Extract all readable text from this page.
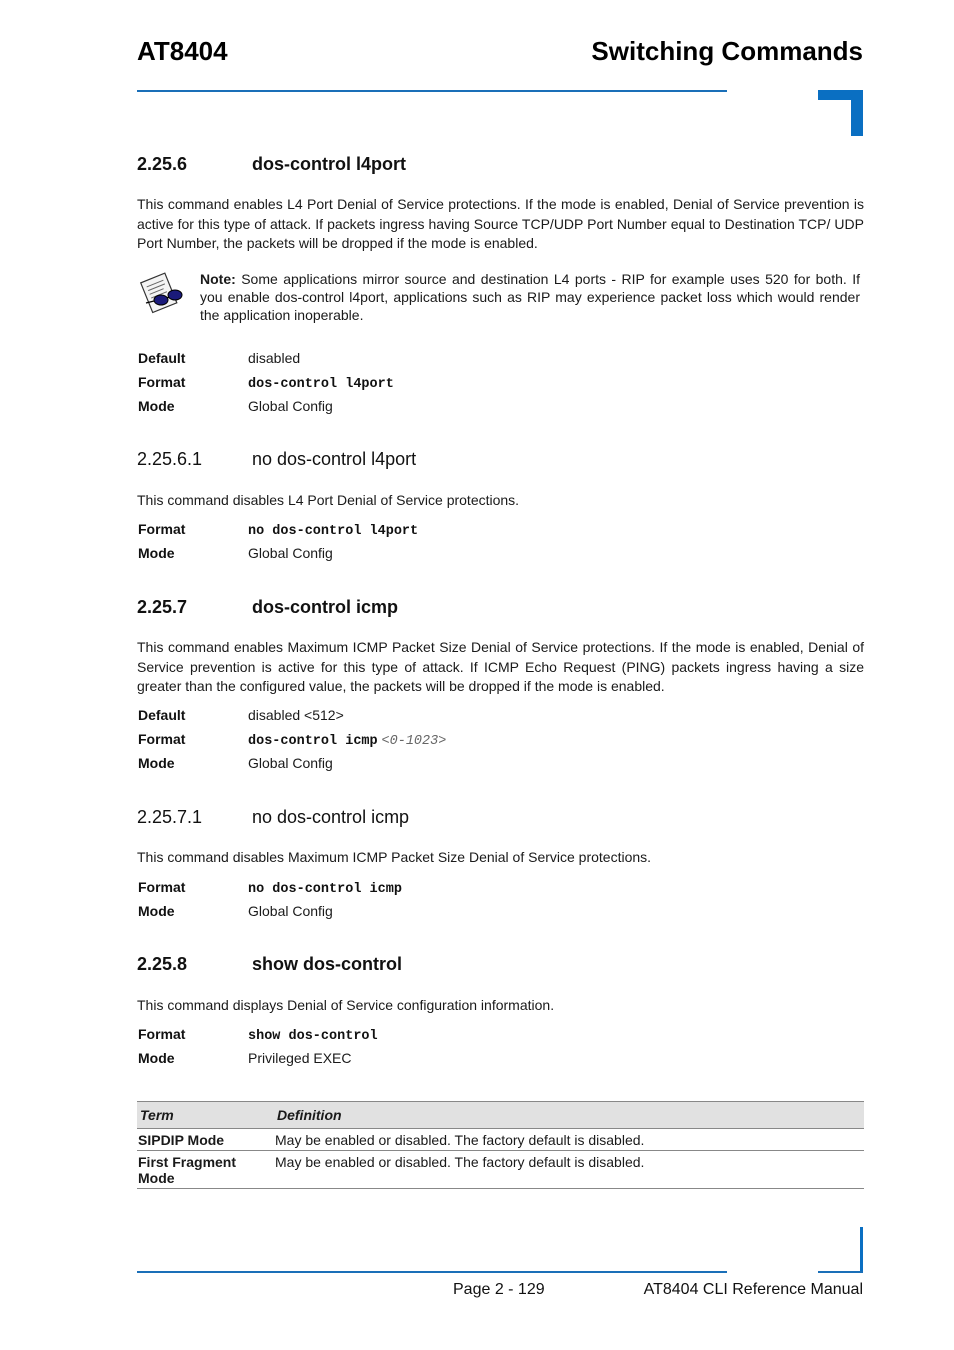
AT8404	Switching Commands
2.25.6	dos-control l4port
This command enables L4 Port Denial of Service protections. If the mode is enabled, Denial of Service prevention is active for this type of attack. If packets ingress having Source TCP/UDP Port Number equal to Destination TCP/ UDP Port Number, the packets will be dropped if the mode is enabled.
Note: Some applications mirror source and destination L4 ports - RIP for example uses 520 for both. If you enable dos-control l4port, applications such as RIP may experience packet loss which would render the application inoperable.
Default	disabled
Format	dos-control l4port
Mode	Global Config
2.25.6.1	no dos-control l4port
This command disables L4 Port Denial of Service protections.
Format	no dos-control l4port
Mode	Global Config
2.25.7	dos-control icmp
This command enables Maximum ICMP Packet Size Denial of Service protections. If the mode is enabled, Denial of Service prevention is active for this type of attack. If ICMP Echo Request (PING) packets ingress having a size greater than the configured value, the packets will be dropped if the mode is enabled.
Default	disabled <512>
Format	dos-control icmp <0-1023>
Mode	Global Config
2.25.7.1	no dos-control icmp
This command disables Maximum ICMP Packet Size Denial of Service protections.
Format	no dos-control icmp
Mode	Global Config
2.25.8	show dos-control
This command displays Denial of Service configuration information.
Format	show dos-control
Mode	Privileged EXEC
Term	Definition
SIPDIP Mode	May be enabled or disabled. The factory default is disabled.
First Fragment Mode	May be enabled or disabled. The factory default is disabled.
Page 2 - 129	AT8404 CLI Reference Manual
